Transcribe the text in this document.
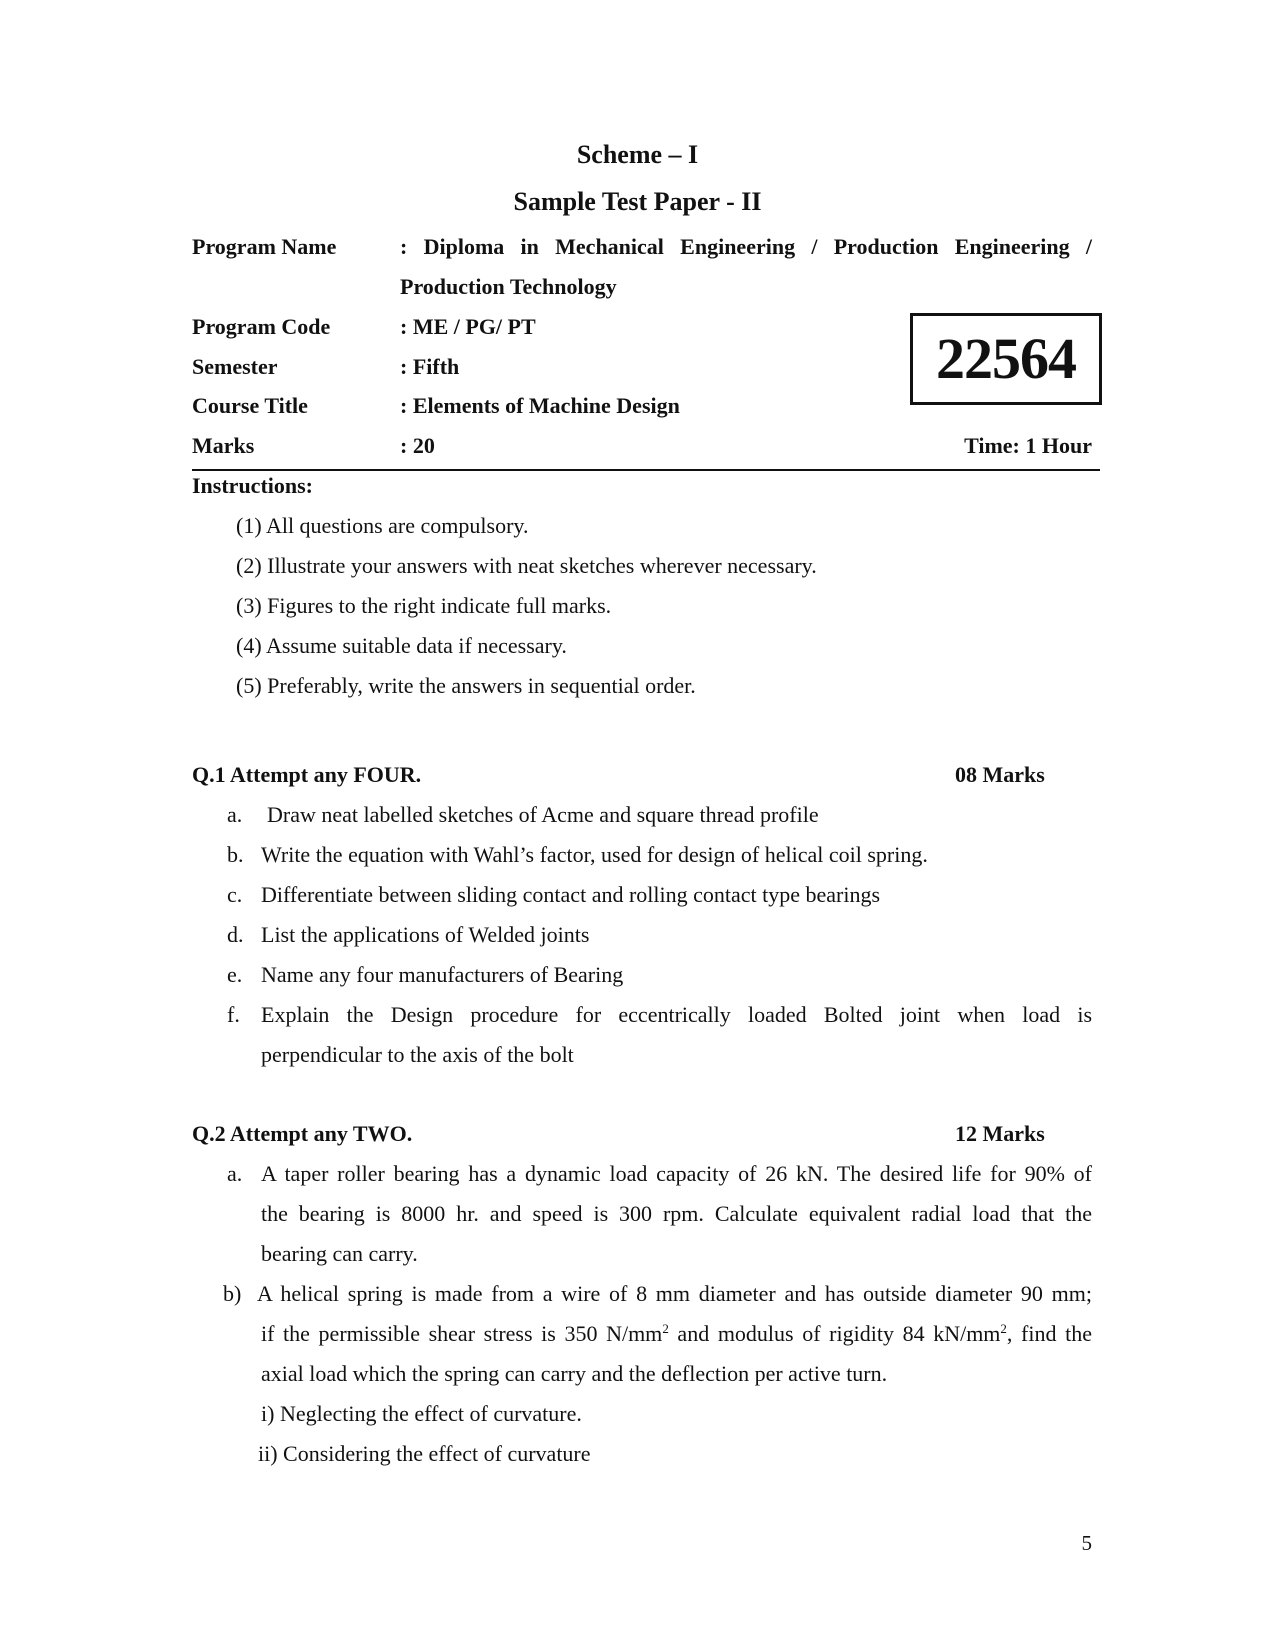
Scheme – I
Sample Test Paper - II
Program Name	: Diploma in Mechanical Engineering / Production Engineering /
Production Technology
Program Code	: ME / PG/ PT
Semester	: Fifth
Course Title	: Elements of Machine Design
Marks	: 20	Time: 1 Hour
22564
Instructions:
(1) All questions are compulsory.
(2) Illustrate your answers with neat sketches wherever necessary.
(3) Figures to the right indicate full marks.
(4) Assume suitable data if necessary.
(5) Preferably, write the answers in sequential order.
Q.1 Attempt any FOUR.	08 Marks
a. Draw neat labelled sketches of Acme and square thread profile
b. Write the equation with Wahl’s factor, used for design of helical coil spring.
c. Differentiate between sliding contact and rolling contact type bearings
d. List the applications of Welded joints
e. Name any four manufacturers of Bearing
f. Explain the Design procedure for eccentrically loaded Bolted joint when load is
perpendicular to the axis of the bolt
Q.2 Attempt any TWO.	12 Marks
a. A taper roller bearing has a dynamic load capacity of 26 kN. The desired life for 90% of
the bearing is 8000 hr. and speed is 300 rpm. Calculate equivalent radial load that the
bearing can carry.
b) A helical spring is made from a wire of 8 mm diameter and has outside diameter 90 mm;
if the permissible shear stress is 350 $N/mm^2$ and modulus of rigidity 84 $kN/mm^2$, find the
axial load which the spring can carry and the deflection per active turn.
i) Neglecting the effect of curvature.
ii) Considering the effect of curvature
5
